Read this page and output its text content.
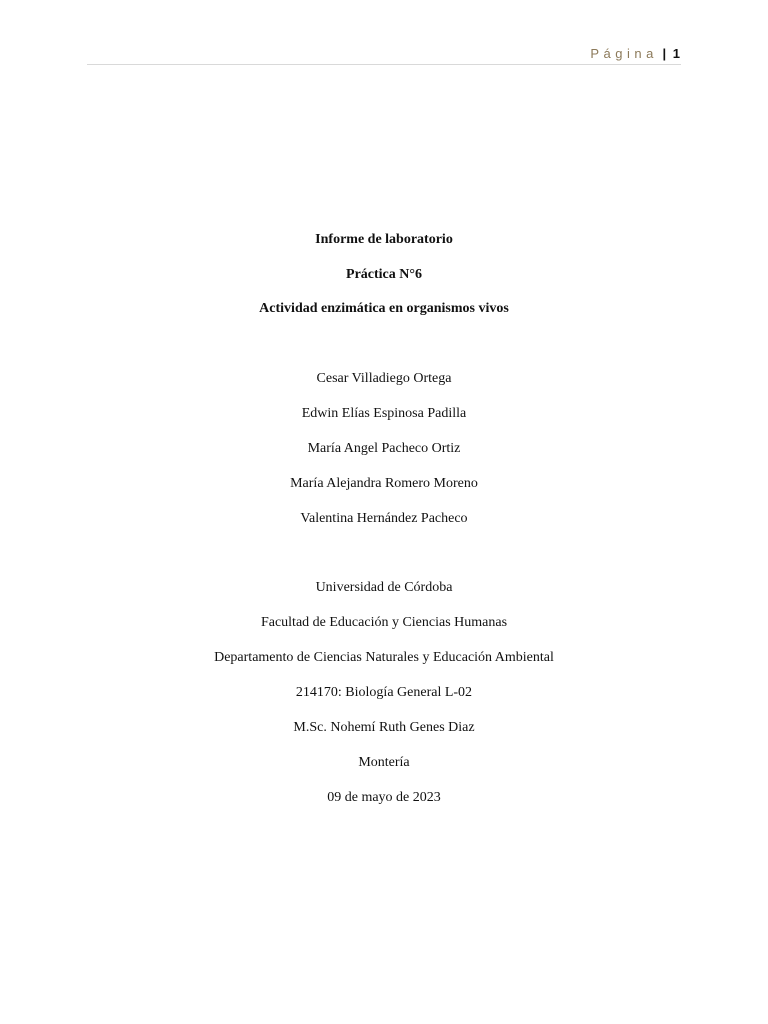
Página | 1
Informe de laboratorio
Práctica N°6
Actividad enzimática en organismos vivos
Cesar Villadiego Ortega
Edwin Elías Espinosa Padilla
María Angel Pacheco Ortiz
María Alejandra Romero Moreno
Valentina Hernández Pacheco
Universidad de Córdoba
Facultad de Educación y Ciencias Humanas
Departamento de Ciencias Naturales y Educación Ambiental
214170: Biología General L-02
M.Sc. Nohemí Ruth Genes Diaz
Montería
09 de mayo de 2023
